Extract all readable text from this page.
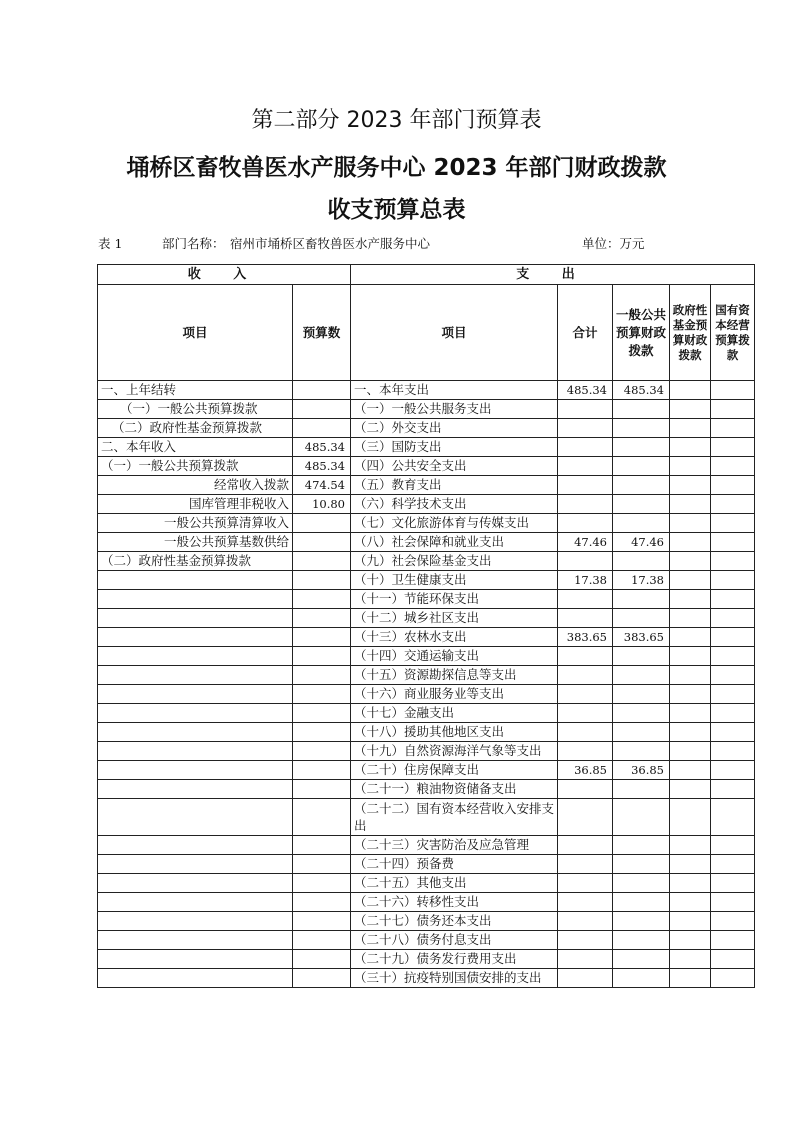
第二部分 2023 年部门预算表
埇桥区畜牧兽医水产服务中心 2023 年部门财政拨款
收支预算总表
表 1	部门名称： 宿州市埇桥区畜牧兽医水产服务中心	单位：万元
收 入		支 出				
项目	预算数	项目	合计	一般公共预算财政拨款	政府性基金预算财政拨款	国有资本经营预算拨款
一、上年结转		一、本年支出	485.34	485.34		
（一）一般公共预算拨款		（一）一般公共服务支出				
（二）政府性基金预算拨款		（二）外交支出				
二、本年收入	485.34	（三）国防支出				
（一）一般公共预算拨款	485.34	（四）公共安全支出				
经常收入拨款	474.54	（五）教育支出				
国库管理非税收入	10.80	（六）科学技术支出				
一般公共预算清算收入		（七）文化旅游体育与传媒支出				
一般公共预算基数供给		（八）社会保障和就业支出	47.46	47.46		
（二）政府性基金预算拨款		（九）社会保险基金支出				
		（十）卫生健康支出	17.38	17.38		
		（十一）节能环保支出				
		（十二）城乡社区支出				
		（十三）农林水支出	383.65	383.65		
		（十四）交通运输支出				
		（十五）资源勘探信息等支出				
		（十六）商业服务业等支出				
		（十七）金融支出				
		（十八）援助其他地区支出				
		（十九）自然资源海洋气象等支出				
		（二十）住房保障支出	36.85	36.85		
		（二十一）粮油物资储备支出				
		（二十二）国有资本经营收入安排支出				
		（二十三）灾害防治及应急管理				
		（二十四）预备费				
		（二十五）其他支出				
		（二十六）转移性支出				
		（二十七）债务还本支出				
		（二十八）债务付息支出				
		（二十九）债务发行费用支出				
		（三十）抗疫特别国债安排的支出				
